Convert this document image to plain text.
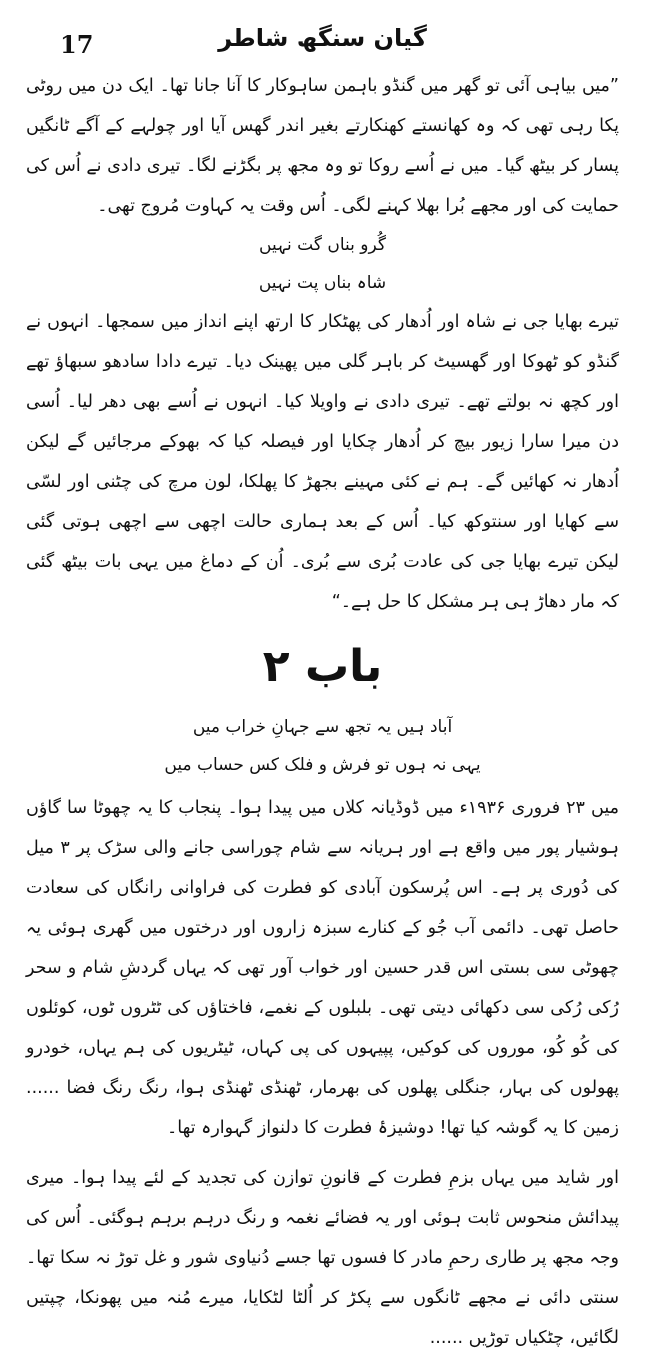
17	گیان سنگھ شاطر

”میں بیاہی آئی تو گھر میں گنڈو باہمن ساہوکار کا آنا جانا تھا۔ ایک دن میں روٹی پکا رہی تھی کہ وہ کھانستے کھنکارتے بغیر اندر گھس آیا اور چولہے کے آگے ٹانگیں پسار کر بیٹھ گیا۔ میں نے اُسے روکا تو وہ مجھ پر بگڑنے لگا۔ تیری دادی نے اُس کی حمایت کی اور مجھے بُرا بھلا کہنے لگی۔ اُس وقت یہ کہاوت مُروج تھی۔

گُرو بناں گت نہیں

شاہ بناں پت نہیں

تیرے بھایا جی نے شاہ اور اُدھار کی پھٹکار کا ارتھ اپنے انداز میں سمجھا۔ انہوں نے گنڈو کو ٹھوکا اور گھسیٹ کر باہر گلی میں پھینک دیا۔ تیرے دادا سادھو سبھاؤ تھے اور کچھ نہ بولتے تھے۔ تیری دادی نے واویلا کیا۔ انہوں نے اُسے بھی دھر لیا۔ اُسی دن میرا سارا زیور بیچ کر اُدھار چکایا اور فیصلہ کیا کہ بھوکے مرجائیں گے لیکن اُدھار نہ کھائیں گے۔ ہم نے کئی مہینے بجھڑ کا پھلکا، لون مرچ کی چٹنی اور لسّی سے کھایا اور سنتوکھ کیا۔ اُس کے بعد ہماری حالت اچھی سے اچھی ہوتی گئی لیکن تیرے بھایا جی کی عادت بُری سے بُری۔ اُن کے دماغ میں یہی بات بیٹھ گئی کہ مار دھاڑ ہی ہر مشکل کا حل ہے۔“

باب ۲

آباد ہیں یہ تجھ سے جہانِ خراب میں

یہی نہ ہوں تو فرش و فلک کس حساب میں

میں ۲۳ فروری ۱۹۳۶ء میں ڈوڈیانہ کلاں میں پیدا ہوا۔ پنجاب کا یہ چھوٹا سا گاؤں ہوشیار پور میں واقع ہے اور ہریانہ سے شام چوراسی جانے والی سڑک پر ۳ میل کی دُوری پر ہے۔ اس پُرسکون آبادی کو فطرت کی فراوانی رانگاں کی سعادت حاصل تھی۔ دائمی آب جُو کے کنارے سبزہ زاروں اور درختوں میں گھری ہوئی یہ چھوٹی سی بستی اس قدر حسین اور خواب آور تھی کہ یہاں گردشِ شام و سحر رُکی رُکی سی دکھائی دیتی تھی۔ بلبلوں کے نغمے، فاختاؤں کی ٹٹروں ٹوں، کوئلوں کی کُو کُو، موروں کی کوکیں، پپیہوں کی پی کہاں، ٹیٹریوں کی ہم یہاں، خودرو پھولوں کی بہار، جنگلی پھلوں کی بھرمار، ٹھنڈی ٹھنڈی ہوا، رنگ رنگ فضا ...... زمین کا یہ گوشہ کیا تھا! دوشیزۂ فطرت کا دلنواز گہوارہ تھا۔

اور شاید میں یہاں بزمِ فطرت کے قانونِ توازن کی تجدید کے لئے پیدا ہوا۔ میری پیدائش منحوس ثابت ہوئی اور یہ فضائے نغمہ و رنگ درہم برہم ہوگئی۔ اُس کی وجہ مجھ پر طاری رحمِ مادر کا فسوں تھا جسے دُنیاوی شور و غل توڑ نہ سکا تھا۔ سنتی دائی نے مجھے ٹانگوں سے پکڑ کر اُلٹا لٹکایا، میرے مُنہ میں پھونکا، چپتیں لگائیں، چٹکیاں توڑیں ......
